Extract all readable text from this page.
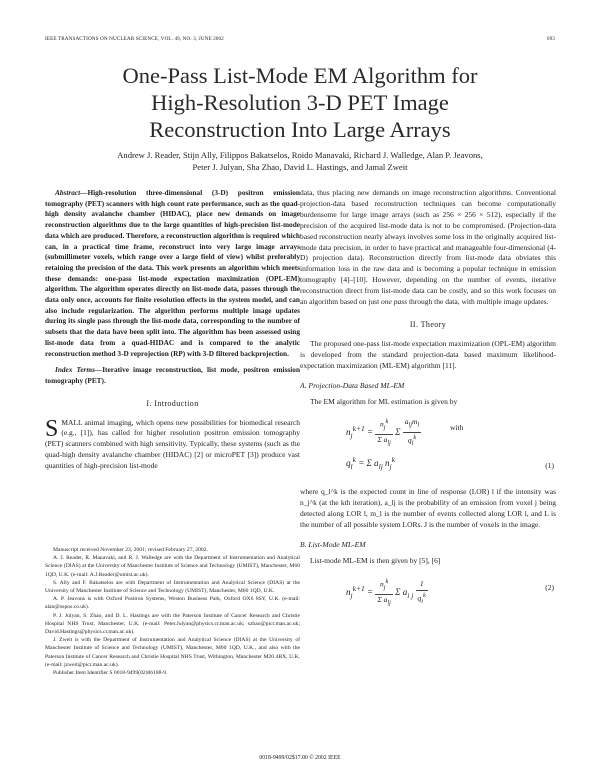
IEEE TRANSACTIONS ON NUCLEAR SCIENCE, VOL. 49, NO. 3, JUNE 2002	693
One-Pass List-Mode EM Algorithm for
High-Resolution 3-D PET Image
Reconstruction Into Large Arrays
Andrew J. Reader, Stijn Ally, Filippos Bakatselos, Roido Manavaki, Richard J. Walledge, Alan P. Jeavons,
Peter J. Julyan, Sha Zhao, David L. Hastings, and Jamal Zweit

Abstract—High-resolution three-dimensional (3-D) positron emission tomography (PET) scanners with high count rate performance, such as the quad-high density avalanche chamber (HIDAC), place new demands on image reconstruction algorithms due to the large quantities of high-precision list-mode data which are produced. Therefore, a reconstruction algorithm is required which can, in a practical time frame, reconstruct into very large image arrays (submillimeter voxels, which range over a large field of view) whilst preferably retaining the precision of the data. This work presents an algorithm which meets these demands: one-pass list-mode expectation maximization (OPL-EM) algorithm. The algorithm operates directly on list-mode data, passes through the data only once, accounts for finite resolution effects in the system model, and can also include regularization. The algorithm performs multiple image updates during its single pass through the list-mode data, corresponding to the number of subsets that the data have been split into. The algorithm has been assessed using list-mode data from a quad-HIDAC and is compared to the analytic reconstruction method 3-D reprojection (RP) with 3-D filtered backprojection.

Index Terms—Iterative image reconstruction, list mode, positron emission tomography (PET).

I. Introduction

SMALL animal imaging, which opens new possibilities for biomedical research (e.g., [1]), has called for higher resolution positron emission tomography (PET) scanners combined with high sensitivity. Typically, these systems (such as the quad-high density avalanche chamber (HIDAC) [2] or microPET [3]) produce vast quantities of high-precision list-mode

Manuscript received November 23, 2001; revised February 27, 2002.

A. J. Reader, R. Manavaki, and R. J. Walledge are with the Department of Instrumentation and Analytical Science (DIAS) at the University of Manchester Institute of Science and Technology (UMIST), Manchester, M60 1QD, U.K. (e-mail: A.J.Reader@umist.ac.uk).

S. Ally and F. Bakatselos are with Department of Instrumentation and Analytical Science (DIAS) at the University of Manchester Institute of Science and Technology (UMIST), Manchester, M60 1QD, U.K.

A. P. Jeavons is with Oxford Positron Systems, Weston Business Park, Oxford OX6 8SY, U.K. (e-mail: alan@ospos.co.uk).

P. J. Julyan, S. Zhao, and D. L. Hastings are with the Paterson Institute of Cancer Research and Christie Hospital NHS Trust, Manchester, U.K. (e-mail: Peter.Julyan@physics.cr.man.ac.uk; szhao@picr.man.ac.uk; David.Hastings@physics.cr.man.ac.uk).

J. Zweit is with the Department of Instrumentation and Analytical Science (DIAS) at the University of Manchester Institute of Science and Technology (UMIST), Manchester, M60 1QD, U.K., and also with the Paterson Institute of Cancer Research and Christie Hospital NHS Trust, Withington, Manchester M20 4BX, U.K. (e-mail: jzweit@picr.man.ac.uk).

Publisher Item Identifier S 0018-9499(02)06188-9.

data, thus placing new demands on image reconstruction algorithms. Conventional projection-data based reconstruction techniques can become computationally burdensome for large image arrays (such as 256 × 256 × 512), especially if the precision of the acquired list-mode data is not to be compromised. (Projection-data based reconstruction nearly always involves some loss in the originally acquired list-mode data precision, in order to have practical and manageable four-dimensional (4-D) projection data). Reconstruction directly from list-mode data obviates this information loss in the raw data and is becoming a popular technique in emission tomography [4]–[10]. However, depending on the number of events, iterative reconstruction direct from list-mode data can be costly, and so this work focuses on an algorithm based on just one pass through the data, with multiple image updates.

II. Theory

The proposed one-pass list-mode expectation maximization (OPL-EM) algorithm is developed from the standard projection-data based maximum likelihood-expectation maximization (ML-EM) algorithm [11].

A. Projection-Data Based ML-EM

The EM algorithm for ML estimation is given by

$n_j^{k+1} = \frac{n_j^k}{\Sigma a_{lj}}$ Σ $\frac{a_{lj}m_l}{q_l^k}$	with
$q_l^k = \Sigma$ $a_{lj}$ $n_j^k$
(1)

where q_l^k is the expected count in line of response (LOR) l if the intensity was n_j^k (at the kth iteration), a_lj is the probability of an emission from voxel j being detected along LOR l, m_l is the number of events collected along LOR l, and L is the number of all possible system LORs. J is the number of voxels in the image.

B. List-Mode ML-EM

List-mode ML-EM is then given by [5], [6]

$n_j^{k+1} = \frac{n_j^k}{\Sigma a_{lj}}$ Σ $a_{i j} \frac{1}{q_i^k}$	(2)
0018-9499/02$17.00 © 2002 IEEE
